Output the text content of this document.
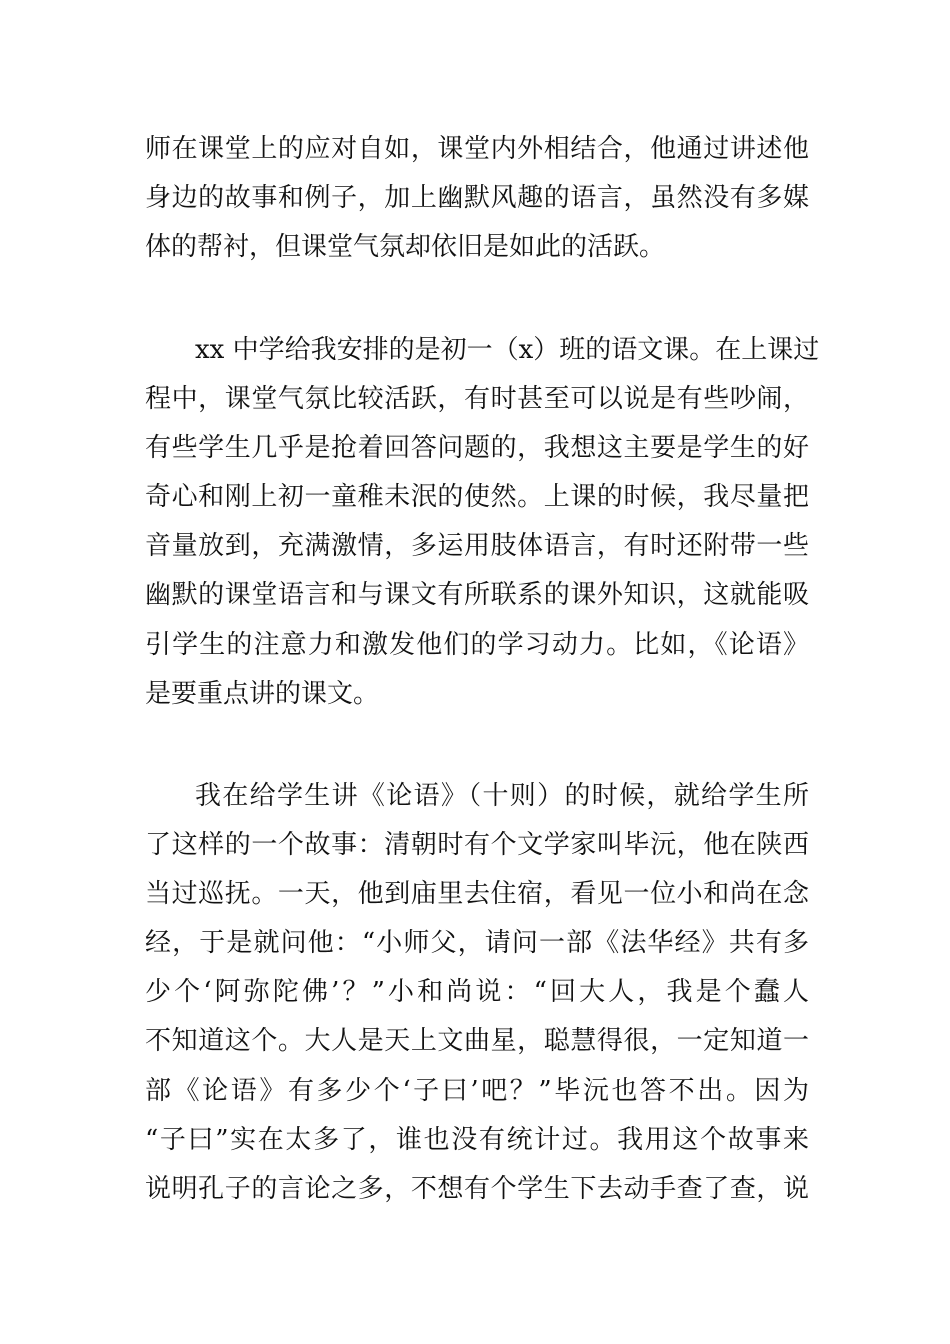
师在课堂上的应对自如，课堂内外相结合，他通过讲述他
身边的故事和例子，加上幽默风趣的语言，虽然没有多媒
体的帮衬，但课堂气氛却依旧是如此的活跃。
xx 中学给我安排的是初一（x）班的语文课。在上课过
程中，课堂气氛比较活跃，有时甚至可以说是有些吵闹，
有些学生几乎是抢着回答问题的，我想这主要是学生的好
奇心和刚上初一童稚未泯的使然。上课的时候，我尽量把
音量放到，充满激情，多运用肢体语言，有时还附带一些
幽默的课堂语言和与课文有所联系的课外知识，这就能吸
引学生的注意力和激发他们的学习动力。比如，《论语》
是要重点讲的课文。
我在给学生讲《论语》（十则）的时候，就给学生所
了这样的一个故事：清朝时有个文学家叫毕沅，他在陕西
当过巡抚。一天，他到庙里去住宿，看见一位小和尚在念
经，于是就问他：“小师父，请问一部《法华经》共有多
少个‘阿弥陀佛’？”小和尚说：“回大人，我是个蠢人
不知道这个。大人是天上文曲星，聪慧得很，一定知道一
部《论语》有多少个‘子曰’吧？”毕沅也答不出。因为
“子曰”实在太多了，谁也没有统计过。我用这个故事来
说明孔子的言论之多，不想有个学生下去动手查了查，说
